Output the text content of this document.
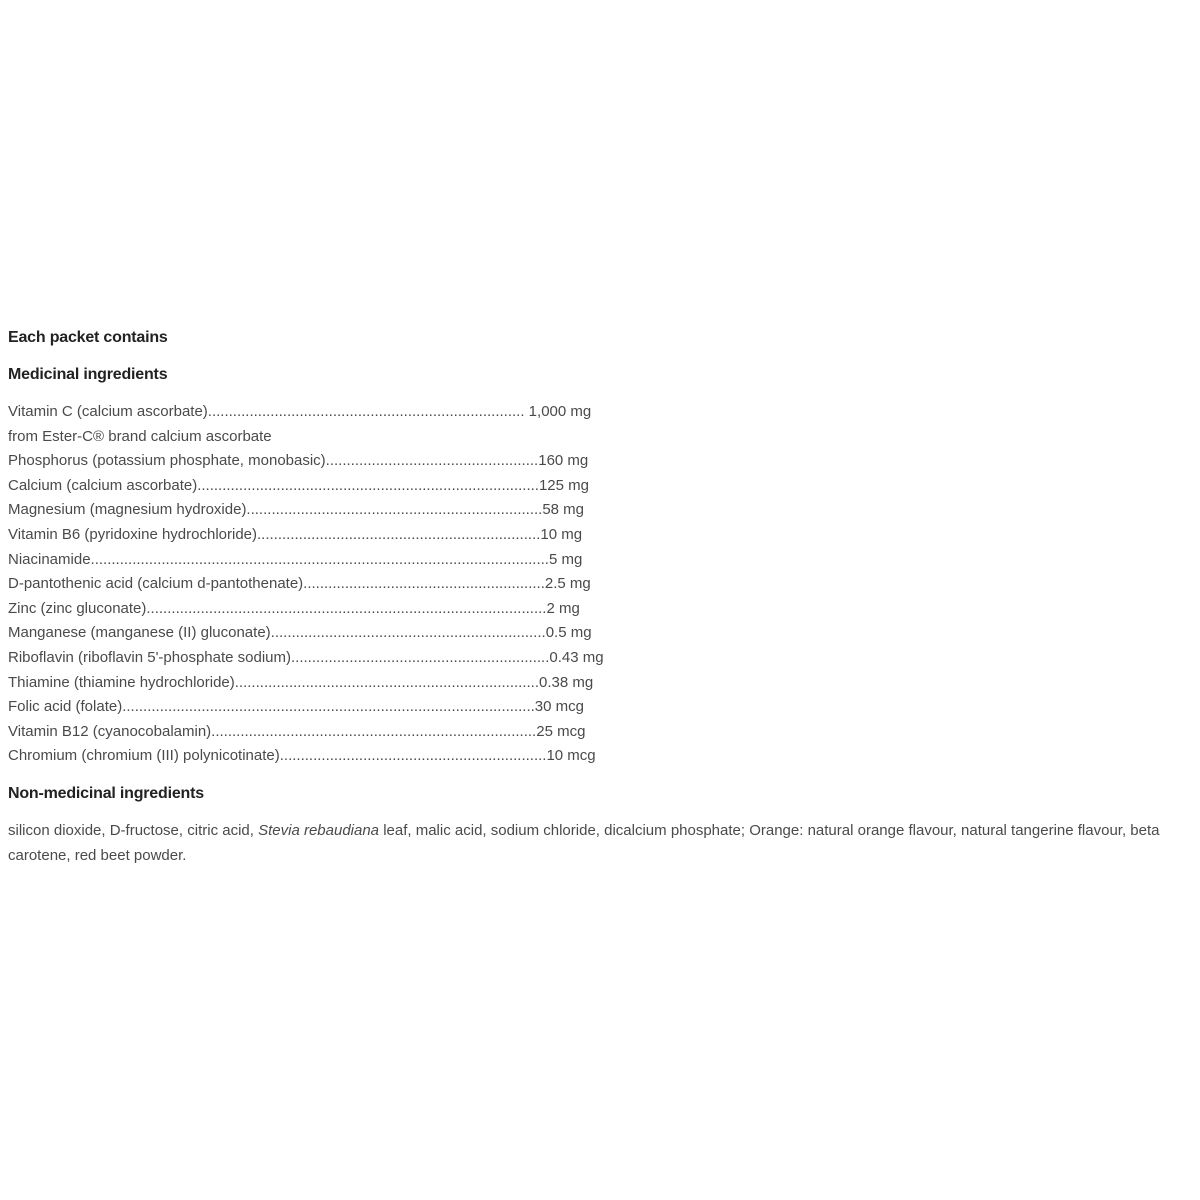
Each packet contains
Medicinal ingredients
Vitamin C (calcium ascorbate)............................................................................ 1,000 mg
from Ester-C® brand calcium ascorbate
Phosphorus (potassium phosphate, monobasic)...................................................160 mg
Calcium (calcium ascorbate)..................................................................................125 mg
Magnesium (magnesium hydroxide).......................................................................58 mg
Vitamin B6 (pyridoxine hydrochloride)....................................................................10 mg
Niacinamide..............................................................................................................5 mg
D-pantothenic acid (calcium d-pantothenate)..........................................................2.5 mg
Zinc (zinc gluconate)................................................................................................2 mg
Manganese (manganese (II) gluconate)..................................................................0.5 mg
Riboflavin (riboflavin 5'-phosphate sodium)..............................................................0.43 mg
Thiamine (thiamine hydrochloride).........................................................................0.38 mg
Folic acid (folate)...................................................................................................30 mcg
Vitamin B12 (cyanocobalamin)..............................................................................25 mcg
Chromium (chromium (III) polynicotinate)................................................................10 mcg
Non-medicinal ingredients

silicon dioxide, D-fructose, citric acid, Stevia rebaudiana leaf, malic acid, sodium chloride, dicalcium phosphate; Orange: natural orange flavour, natural tangerine flavour, beta carotene, red beet powder.
